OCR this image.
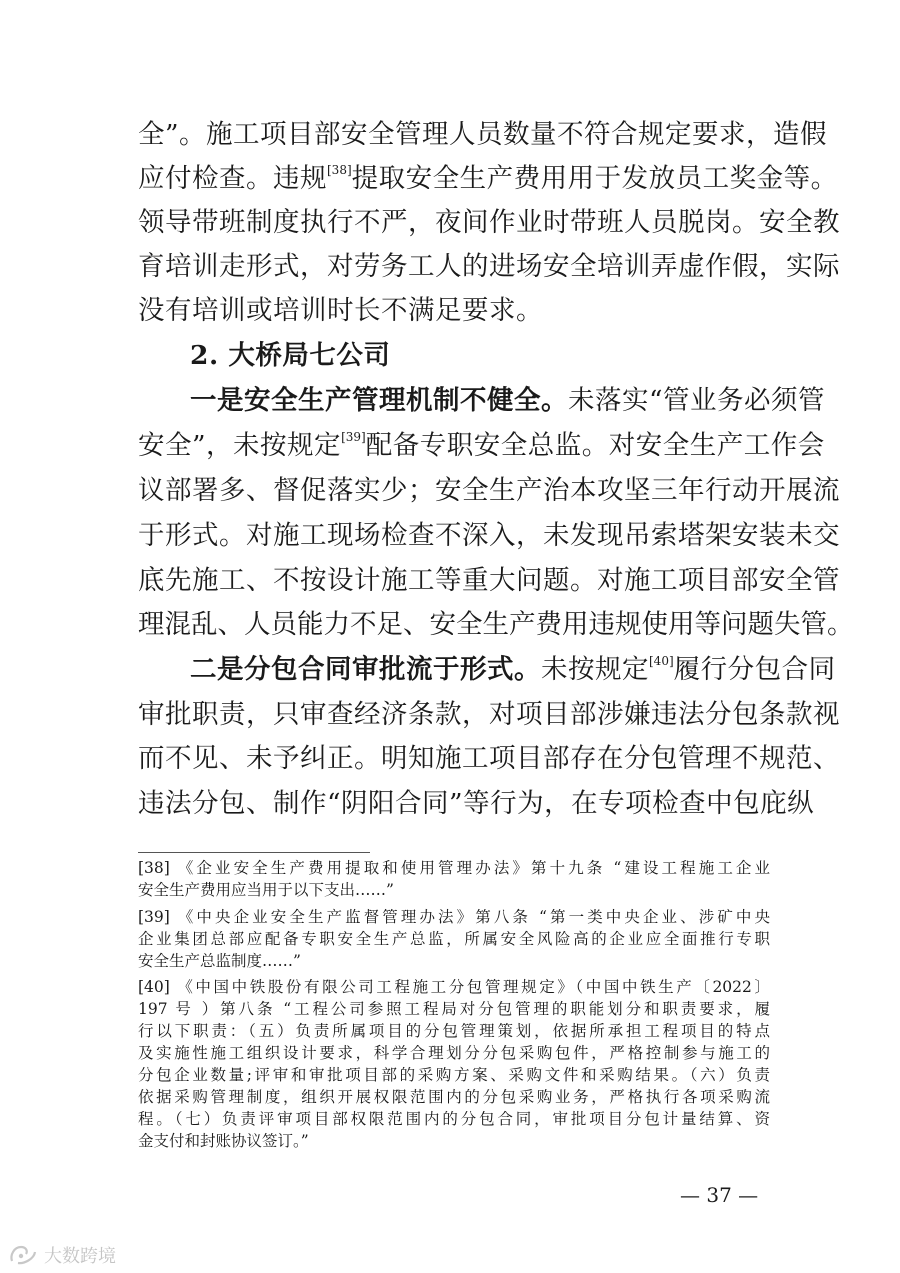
全”。施工项目部安全管理人员数量不符合规定要求，造假
应付检查。违规[38]提取安全生产费用用于发放员工奖金等。
领导带班制度执行不严，夜间作业时带班人员脱岗。安全教
育培训走形式，对劳务工人的进场安全培训弄虚作假，实际
没有培训或培训时长不满足要求。
2. 大桥局七公司
一是安全生产管理机制不健全。未落实“管业务必须管
安全”，未按规定[39]配备专职安全总监。对安全生产工作会
议部署多、督促落实少；安全生产治本攻坚三年行动开展流
于形式。对施工现场检查不深入，未发现吊索塔架安装未交
底先施工、不按设计施工等重大问题。对施工项目部安全管
理混乱、人员能力不足、安全生产费用违规使用等问题失管。
二是分包合同审批流于形式。未按规定[40]履行分包合同
审批职责，只审查经济条款，对项目部涉嫌违法分包条款视
而不见、未予纠正。明知施工项目部存在分包管理不规范、
违法分包、制作“阴阳合同”等行为，在专项检查中包庇纵
[38] 《企业安全生产费用提取和使用管理办法》第十九条 “建设工程施工企业
安全生产费用应当用于以下支出……”
[39] 《中央企业安全生产监督管理办法》第八条 “第一类中央企业、涉矿中央
企业集团总部应配备专职安全生产总监，所属安全风险高的企业应全面推行专职
安全生产总监制度……”
[40] 《中国中铁股份有限公司工程施工分包管理规定》（中国中铁生产〔2022〕
197 号 ）第八条 “工程公司参照工程局对分包管理的职能划分和职责要求，履
行以下职责：（五）负责所属项目的分包管理策划，依据所承担工程项目的特点
及实施性施工组织设计要求，科学合理划分分包采购包件，严格控制参与施工的
分包企业数量;评审和审批项目部的采购方案、采购文件和采购结果。（六）负责
依据采购管理制度，组织开展权限范围内的分包采购业务，严格执行各项采购流
程。（七）负责评审项目部权限范围内的分包合同，审批项目分包计量结算、资
金支付和封账协议签订。”
— 37 —
大数跨境
